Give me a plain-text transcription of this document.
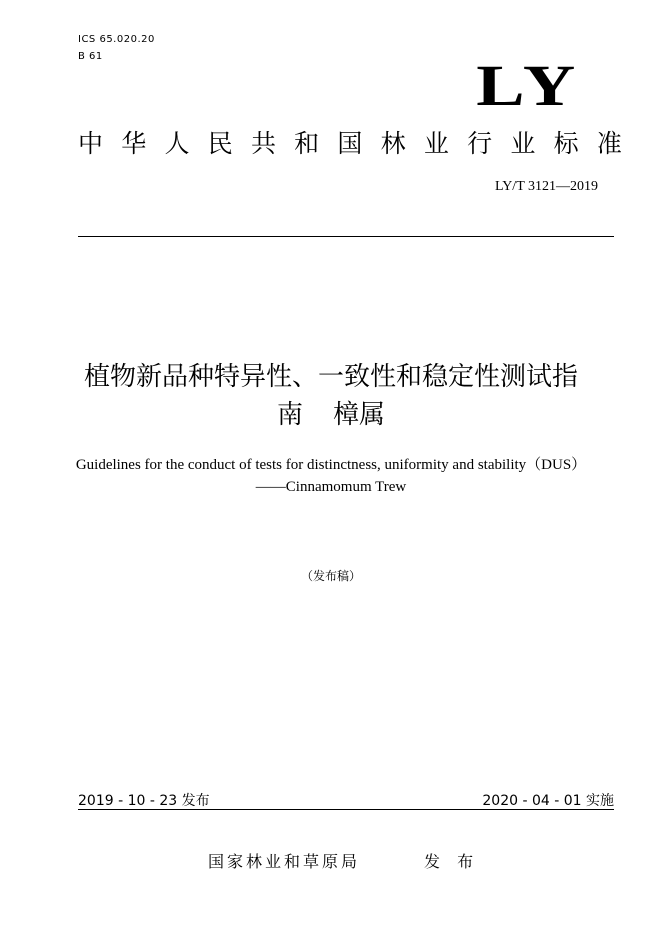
ICS 65.020.20
B 61	LY
中 华 人 民 共 和 国 林 业 行 业 标 准
LY/T 3121—2019
植物新品种特异性、一致性和稳定性测试指
南 樟属
Guidelines for the conduct of tests for distinctness, uniformity and stability（DUS）
——Cinnamomum Trew
（发布稿）
2019 - 10 - 23 发布	2020 - 04 - 01 实施
国家林业和草原局	发 布
